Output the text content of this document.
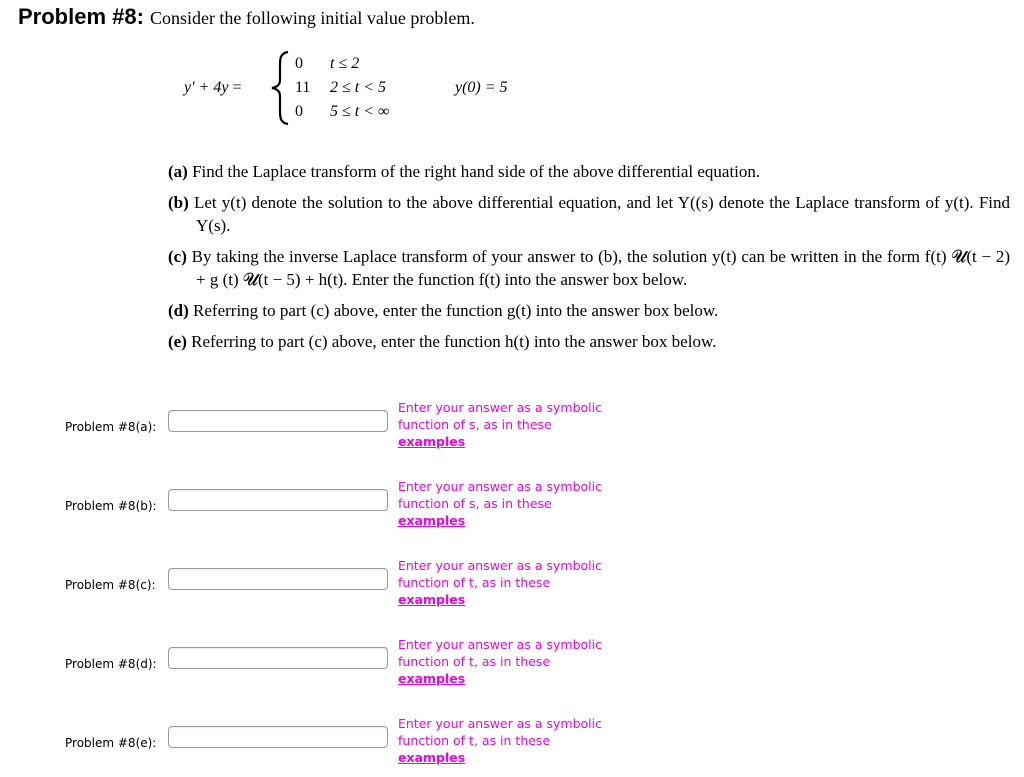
Problem #8: Consider the following initial value problem.
y′ + 4y =
0 t ≤ 2
11 2 ≤ t < 5
0 5 ≤ t < ∞
y(0) = 5
(a) Find the Laplace transform of the right hand side of the above differential equation.
(b) Let y(t) denote the solution to the above differential equation, and let Y((s) denote the Laplace transform of y(t). Find Y(s).
(c) By taking the inverse Laplace transform of your answer to (b), the solution y(t) can be written in the form f(t) 𝓤(t − 2) + g (t) 𝓤(t − 5) + h(t). Enter the function f(t) into the answer box below.
(d) Referring to part (c) above, enter the function g(t) into the answer box below.
(e) Referring to part (c) above, enter the function h(t) into the answer box below.
Problem #8(a):
Enter your answer as a symbolic
function of s, as in these
examples
Problem #8(b):
Enter your answer as a symbolic
function of s, as in these
examples
Problem #8(c):
Enter your answer as a symbolic
function of t, as in these
examples
Problem #8(d):
Enter your answer as a symbolic
function of t, as in these
examples
Problem #8(e):
Enter your answer as a symbolic
function of t, as in these
examples
